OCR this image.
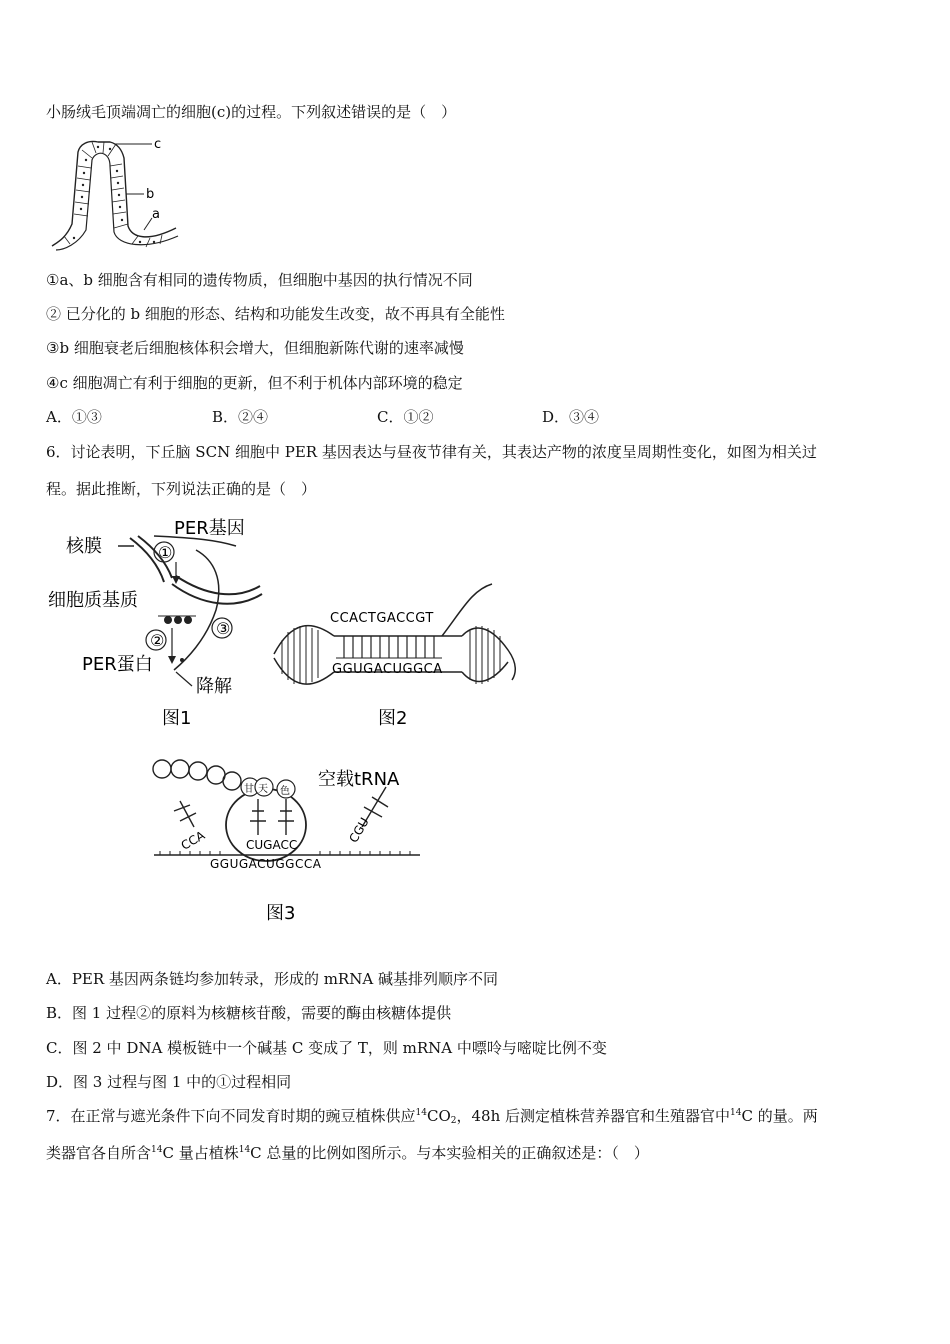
小肠绒毛顶端凋亡的细胞(c)的过程。下列叙述错误的是（　）
c
b
a
①a、b 细胞含有相同的遗传物质，但细胞中基因的执行情况不同
② 已分化的 b 细胞的形态、结构和功能发生改变，故不再具有全能性
③b 细胞衰老后细胞核体积会增大，但细胞新陈代谢的速率减慢
④c 细胞凋亡有利于细胞的更新，但不利于机体内部环境的稳定
A．①③	B．②④	C．①②	D．③④
6．讨论表明，下丘脑 SCN 细胞中 PER 基因表达与昼夜节律有关，其表达产物的浓度呈周期性变化，如图为相关过
程。据此推断，下列说法正确的是（　）
PER基因
核膜	①
细胞质基质
②
③
PER蛋白
降解
图1
CCACTGACCGT
GGUGACUGGCA
图2
空载tRNA
甘 天 色
CCA	CGU
CUGACC
GGUGACUGGCCA
图3
A．PER 基因两条链均参加转录，形成的 mRNA 碱基排列顺序不同
B．图 1 过程②的原料为核糖核苷酸，需要的酶由核糖体提供
C．图 2 中 DNA 模板链中一个碱基 C 变成了 T，则 mRNA 中嘌呤与嘧啶比例不变
D．图 3 过程与图 1 中的①过程相同
7．在正常与遮光条件下向不同发育时期的豌豆植株供应$^{14}CO_2$，48h 后测定植株营养器官和生殖器官中$^{14}$C 的量。两
类器官各自所含$^{14}$C 量占植株$^{14}$C 总量的比例如图所示。与本实验相关的正确叙述是：（　）
